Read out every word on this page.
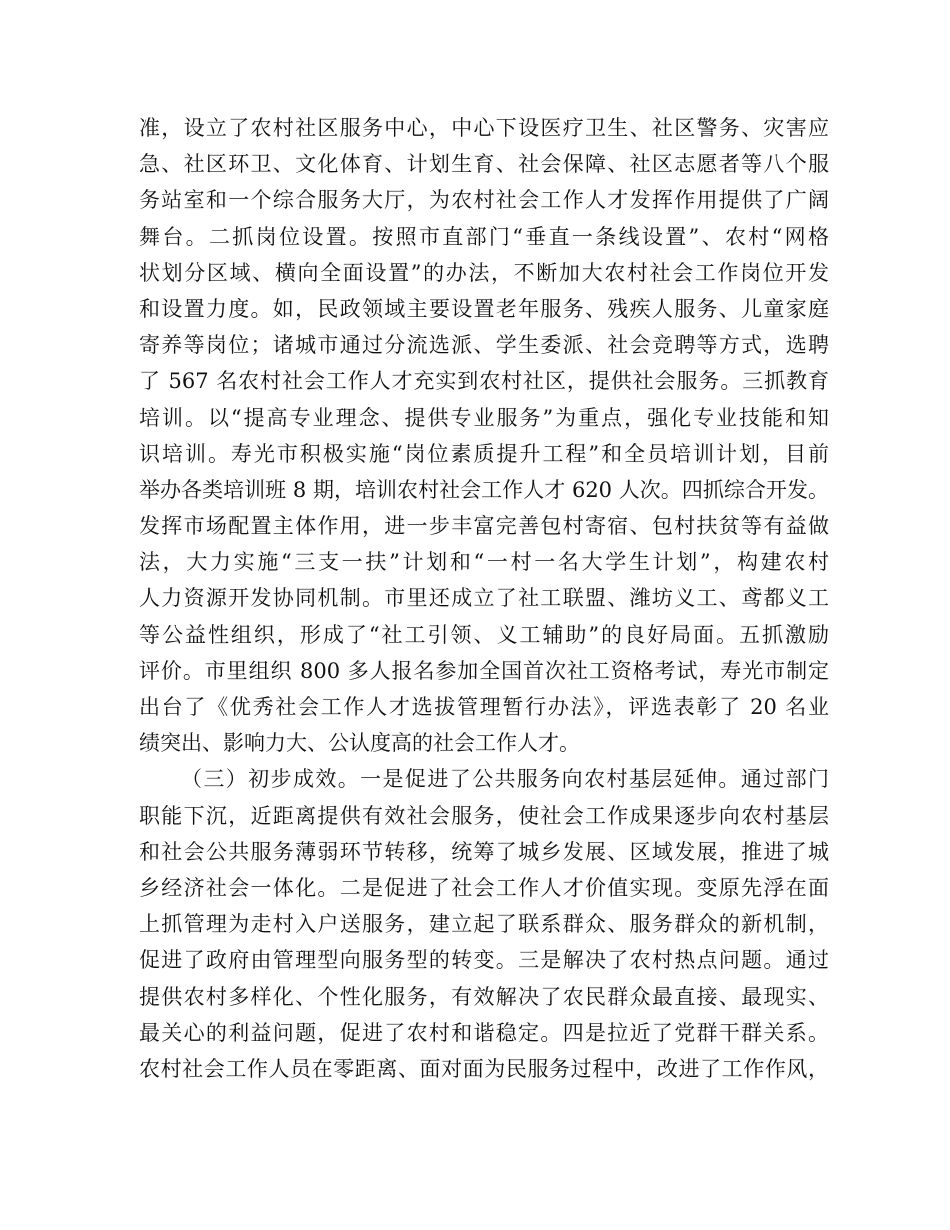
准，设立了农村社区服务中心，中心下设医疗卫生、社区警务、灾害应
急、社区环卫、文化体育、计划生育、社会保障、社区志愿者等八个服
务站室和一个综合服务大厅，为农村社会工作人才发挥作用提供了广阔
舞台。二抓岗位设置。按照市直部门“垂直一条线设置”、农村“网格
状划分区域、横向全面设置”的办法，不断加大农村社会工作岗位开发
和设置力度。如，民政领域主要设置老年服务、残疾人服务、儿童家庭
寄养等岗位；诸城市通过分流选派、学生委派、社会竞聘等方式，选聘
了 567 名农村社会工作人才充实到农村社区，提供社会服务。三抓教育
培训。以“提高专业理念、提供专业服务”为重点，强化专业技能和知
识培训。寿光市积极实施“岗位素质提升工程”和全员培训计划，目前
举办各类培训班 8 期，培训农村社会工作人才 620 人次。四抓综合开发。
发挥市场配置主体作用，进一步丰富完善包村寄宿、包村扶贫等有益做
法，大力实施“三支一扶”计划和“一村一名大学生计划”，构建农村
人力资源开发协同机制。市里还成立了社工联盟、潍坊义工、鸢都义工
等公益性组织，形成了“社工引领、义工辅助”的良好局面。五抓激励
评价。市里组织 800 多人报名参加全国首次社工资格考试，寿光市制定
出台了《优秀社会工作人才选拔管理暂行办法》，评选表彰了 20 名业
绩突出、影响力大、公认度高的社会工作人才。
（三）初步成效。一是促进了公共服务向农村基层延伸。通过部门
职能下沉，近距离提供有效社会服务，使社会工作成果逐步向农村基层
和社会公共服务薄弱环节转移，统筹了城乡发展、区域发展，推进了城
乡经济社会一体化。二是促进了社会工作人才价值实现。变原先浮在面
上抓管理为走村入户送服务，建立起了联系群众、服务群众的新机制，
促进了政府由管理型向服务型的转变。三是解决了农村热点问题。通过
提供农村多样化、个性化服务，有效解决了农民群众最直接、最现实、
最关心的利益问题，促进了农村和谐稳定。四是拉近了党群干群关系。
农村社会工作人员在零距离、面对面为民服务过程中，改进了工作作风，
